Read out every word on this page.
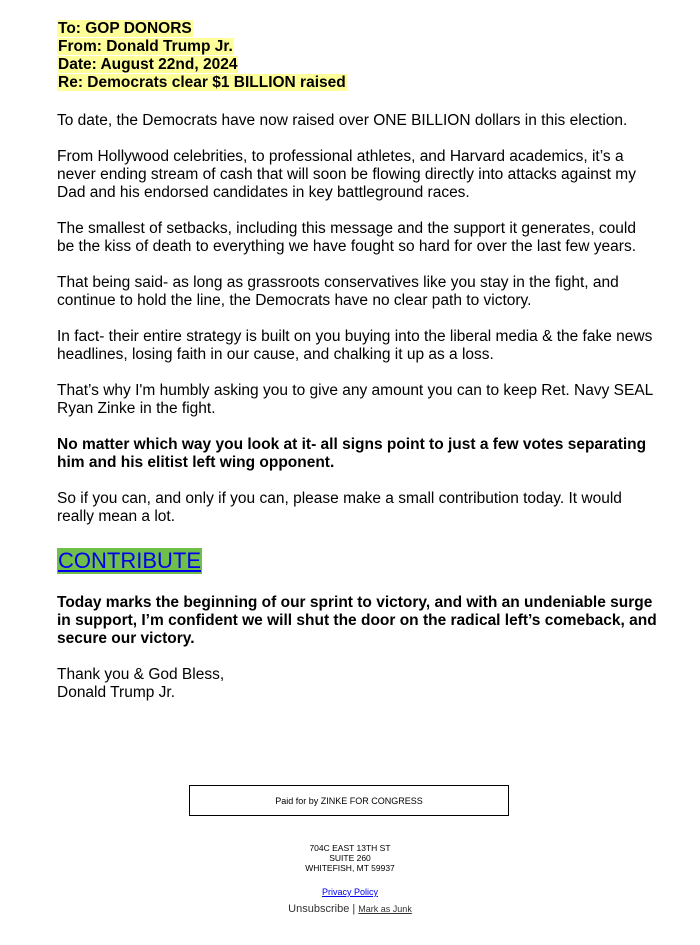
To: GOP DONORS
From: Donald Trump Jr.
Date: August 22nd, 2024
Re: Democrats clear $1 BILLION raised

To date, the Democrats have now raised over ONE BILLION dollars in this election.

From Hollywood celebrities, to professional athletes, and Harvard academics, it’s a never ending stream of cash that will soon be flowing directly into attacks against my Dad and his endorsed candidates in key battleground races.

The smallest of setbacks, including this message and the support it generates, could be the kiss of death to everything we have fought so hard for over the last few years.

That being said- as long as grassroots conservatives like you stay in the fight, and continue to hold the line, the Democrats have no clear path to victory.

In fact- their entire strategy is built on you buying into the liberal media & the fake news headlines, losing faith in our cause, and chalking it up as a loss.

That’s why I'm humbly asking you to give any amount you can to keep Ret. Navy SEAL Ryan Zinke in the fight.

No matter which way you look at it- all signs point to just a few votes separating him and his elitist left wing opponent.

So if you can, and only if you can, please make a small contribution today. It would really mean a lot.

CONTRIBUTE

Today marks the beginning of our sprint to victory, and with an undeniable surge in support, I’m confident we will shut the door on the radical left’s comeback, and secure our victory.

Thank you & God Bless,

Donald Trump Jr.

Paid for by ZINKE FOR CONGRESS
704C EAST 13TH ST
SUITE 260
WHITEFISH, MT 59937
Privacy Policy
Unsubscribe | Mark as Junk
